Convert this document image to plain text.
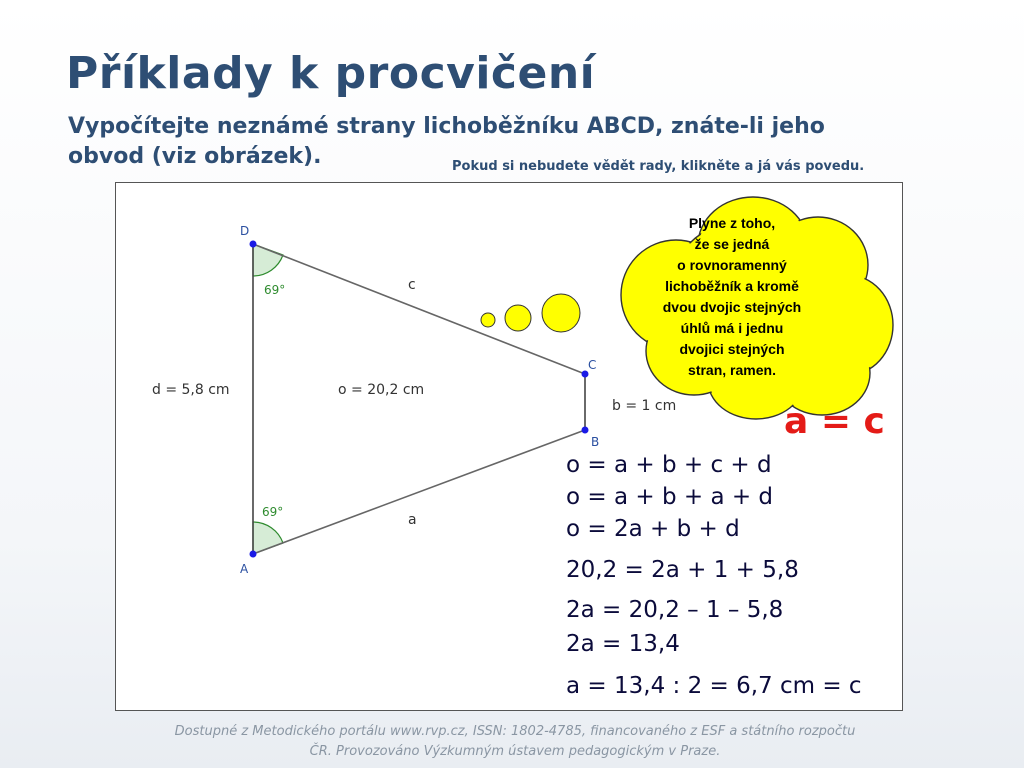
Příklady k procvičení

Vypočítejte neznámé strany lichoběžníku ABCD, znáte-li jeho obvod (viz obrázek).	Pokud si nebudete vědět rady, klikněte a já vás povedu.
D
C
B
A
69°
69°
c
a
d = 5,8 cm
b = 1 cm
o = 20,2 cm
Plyne z toho,
že se jedná
o rovnoramenný
lichoběžník a kromě
dvou dvojic stejných
úhlů má i jednu
dvojici stejných
stran, ramen.
a = c
o = a + b + c + d
o = a + b + a + d
o = 2a + b + d
20,2 = 2a + 1 + 5,8
2a = 20,2 – 1 – 5,8
2a = 13,4
a = 13,4 : 2 = 6,7 cm = c
Dostupné z Metodického portálu www.rvp.cz, ISSN: 1802-4785, financovaného z ESF a státního rozpočtu
ČR. Provozováno Výzkumným ústavem pedagogickým v Praze.
